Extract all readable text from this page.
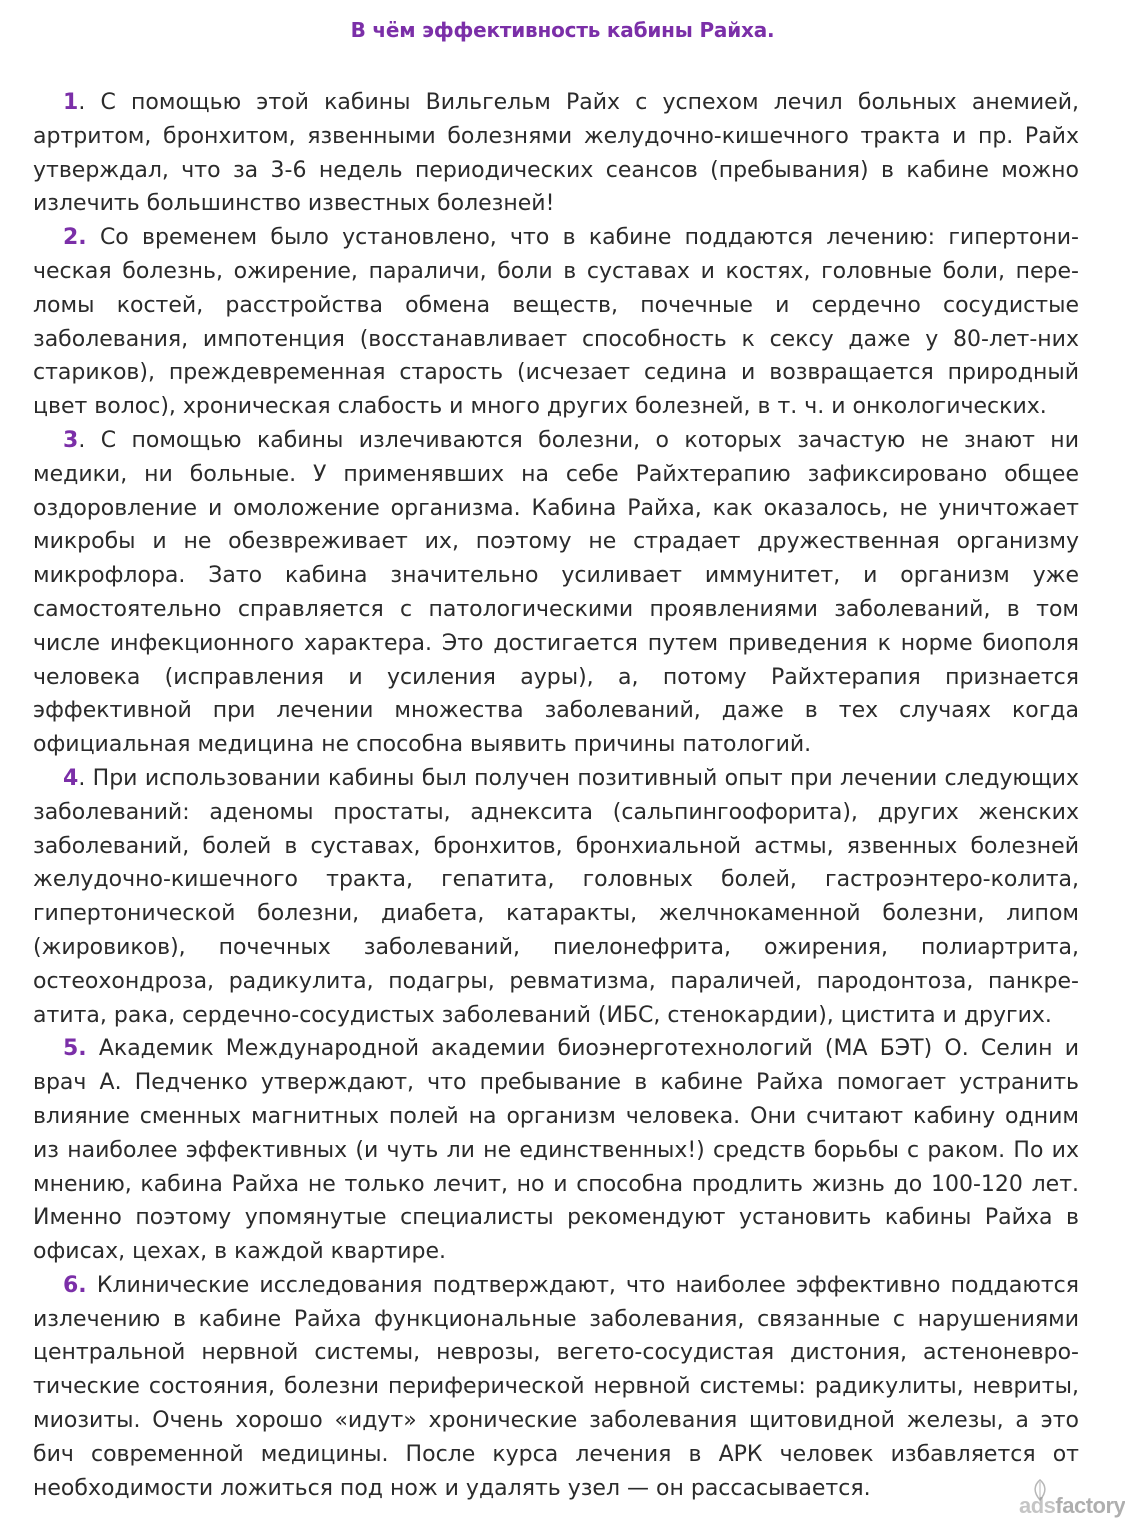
В чём эффективность кабины Райха.

1. С помощью этой кабины Вильгельм Райх с успехом лечил больных анемией, артритом, бронхитом, язвенными болезнями желудочно-кишечного тракта и пр. Райх утверждал, что за 3-6 недель периодических сеансов (пребывания) в кабине можно излечить большинство известных болезней!

2. Со временем было установлено, что в кабине поддаются лечению: гипертони-ческая болезнь, ожирение, параличи, боли в суставах и костях, головные боли, пере-ломы костей, расстройства обмена веществ, почечные и сердечно сосудистые заболевания, импотенция (восстанавливает способность к сексу даже у 80-лет-них стариков), преждевременная старость (исчезает седина и возвращается природный цвет волос), хроническая слабость и много других болезней, в т. ч. и онкологических.

3. С помощью кабины излечиваются болезни, о которых зачастую не знают ни медики, ни больные. У применявших на себе Райхтерапию зафиксировано общее оздоровление и омоложение организма. Кабина Райха, как оказалось, не уничтожает микробы и не обезвреживает их, поэтому не страдает дружественная организму микрофлора. Зато кабина значительно усиливает иммунитет, и организм уже самостоятельно справляется с патологическими проявлениями заболеваний, в том числе инфекционного характера. Это достигается путем приведения к норме биополя человека (исправления и усиления ауры), а, потому Райхтерапия признается эффективной при лечении множества заболеваний, даже в тех случаях когда официальная медицина не способна выявить причины патологий.

4. При использовании кабины был получен позитивный опыт при лечении следующих заболеваний: аденомы простаты, аднексита (сальпингоофорита), других женских заболеваний, болей в суставах, бронхитов, бронхиальной астмы, язвенных болезней желудочно-кишечного тракта, гепатита, головных болей, гастроэнтеро-колита, гипертонической болезни, диабета, катаракты, желчнокаменной болезни, липом (жировиков), почечных заболеваний, пиелонефрита, ожирения, полиартрита, остеохондроза, радикулита, подагры, ревматизма, параличей, пародонтоза, панкре-атита, рака, сердечно-сосудистых заболеваний (ИБС, стенокардии), цистита и других.

5. Академик Международной академии биоэнерготехнологий (МА БЭТ) О. Селин и врач А. Педченко утверждают, что пребывание в кабине Райха помогает устранить влияние сменных магнитных полей на организм человека. Они считают кабину одним из наиболее эффективных (и чуть ли не единственных!) средств борьбы с раком. По их мнению, кабина Райха не только лечит, но и способна продлить жизнь до 100-120 лет. Именно поэтому упомянутые специалисты рекомендуют установить кабины Райха в офисах, цехах, в каждой квартире.

6. Клинические исследования подтверждают, что наиболее эффективно поддаются излечению в кабине Райха функциональные заболевания, связанные с нарушениями центральной нервной системы, неврозы, вегето-сосудистая дистония, астеноневро-тические состояния, болезни периферической нервной системы: радикулиты, невриты, миозиты. Очень хорошо «идут» хронические заболевания щитовидной железы, а это бич современной медицины. После курса лечения в АРК человек избавляется от необходимости ложиться под нож и удалять узел — он рассасывается.

adsfactory
